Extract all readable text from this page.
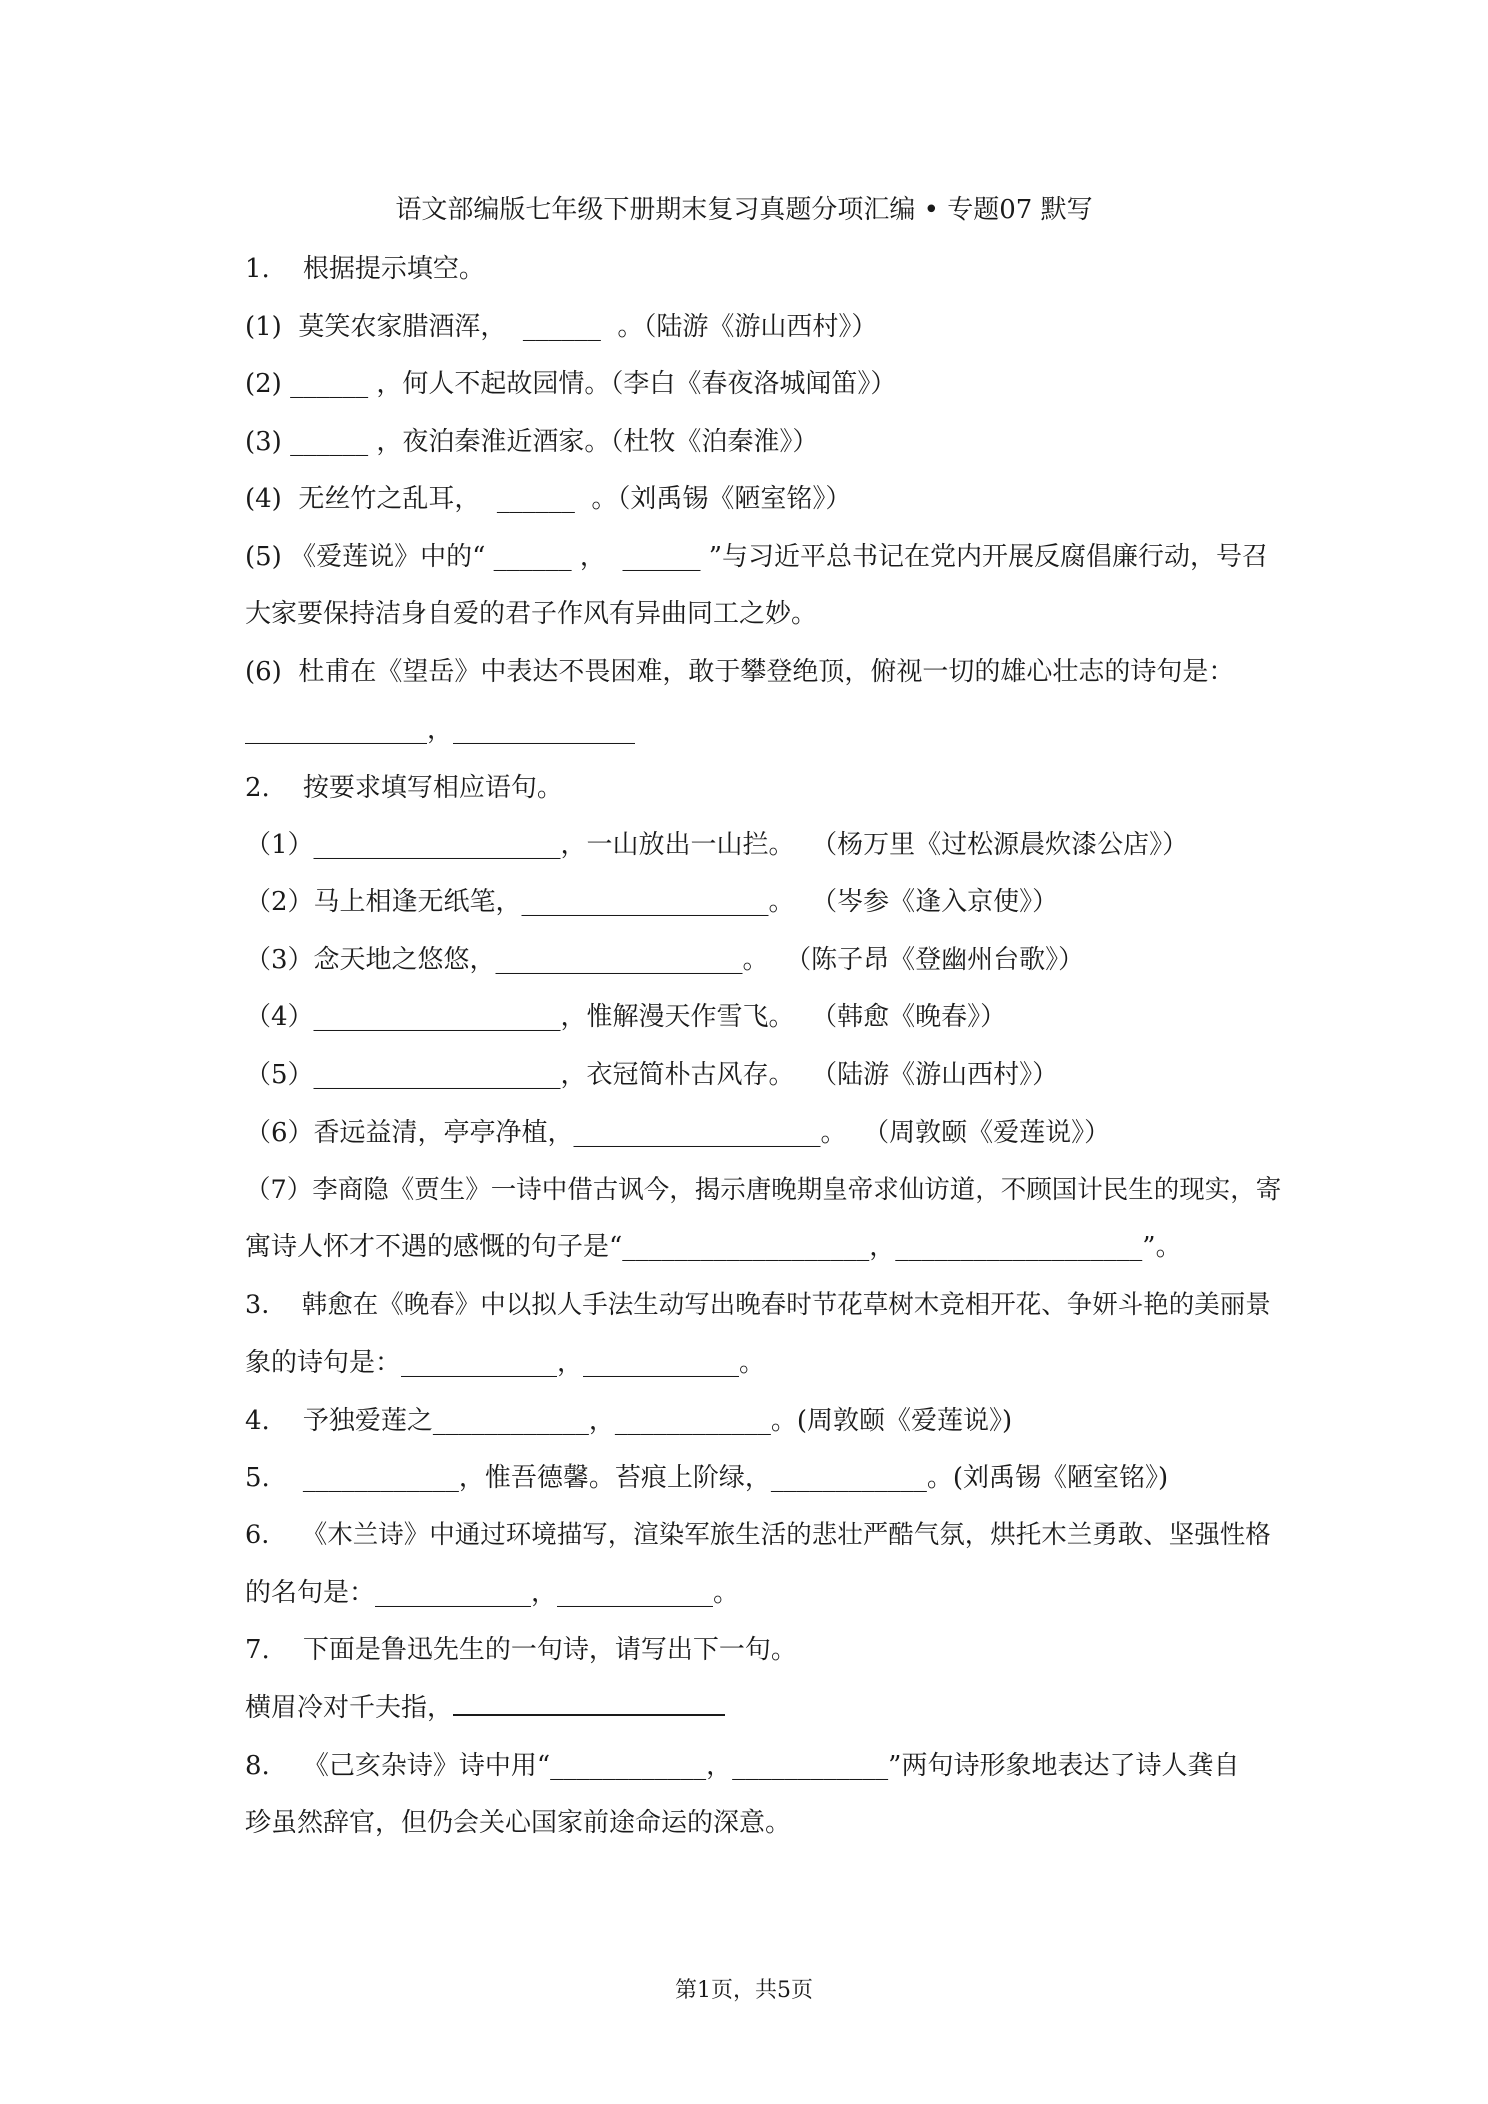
语文部编版七年级下册期末复习真题分项汇编 • 专题07 默写
1.    根据提示填空。
(1)  莫笑农家腊酒浑，  ______  。（陆游《游山西村》）
(2) ______ ，何人不起故园情。（李白《春夜洛城闻笛》）
(3) ______ ，夜泊秦淮近酒家。（杜牧《泊秦淮》）
(4)  无丝竹之乱耳，  ______  。（刘禹锡《陋室铭》）
(5) 《爱莲说》中的“ ______ ，  ______ ”与习近平总书记在党内开展反腐倡廉行动，号召
大家要保持洁身自爱的君子作风有异曲同工之妙。
(6)  杜甫在《望岳》中表达不畏困难，敢于攀登绝顶，俯视一切的雄心壮志的诗句是：
______________，______________
2.    按要求填写相应语句。
（1）___________________，一山放出一山拦。  （杨万里《过松源晨炊漆公店》）
（2）马上相逢无纸笔，___________________。  （岑参《逢入京使》）
（3）念天地之悠悠，___________________。  （陈子昂《登幽州台歌》）
（4）___________________，惟解漫天作雪飞。  （韩愈《晚春》）
（5）___________________，衣冠简朴古风存。  （陆游《游山西村》）
（6）香远益清，亭亭净植，___________________。  （周敦颐《爱莲说》）
（7）李商隐《贾生》一诗中借古讽今，揭示唐晚期皇帝求仙访道，不顾国计民生的现实，寄
寓诗人怀才不遇的感慨的句子是“___________________，___________________”。
3.    韩愈在《晚春》中以拟人手法生动写出晚春时节花草树木竞相开花、争妍斗艳的美丽景
象的诗句是：____________，____________。
4.    予独爱莲之____________，____________。(周敦颐《爱莲说》)
5.    ____________，惟吾德馨。苔痕上阶绿，____________。(刘禹锡《陋室铭》)
6.    《木兰诗》中通过环境描写，渲染军旅生活的悲壮严酷气氛，烘托木兰勇敢、坚强性格
的名句是：____________，____________。
7.    下面是鲁迅先生的一句诗，请写出下一句。
横眉冷对千夫指，
8.    《己亥杂诗》诗中用“____________，____________”两句诗形象地表达了诗人龚自
珍虽然辞官，但仍会关心国家前途命运的深意。
第1页，共5页
